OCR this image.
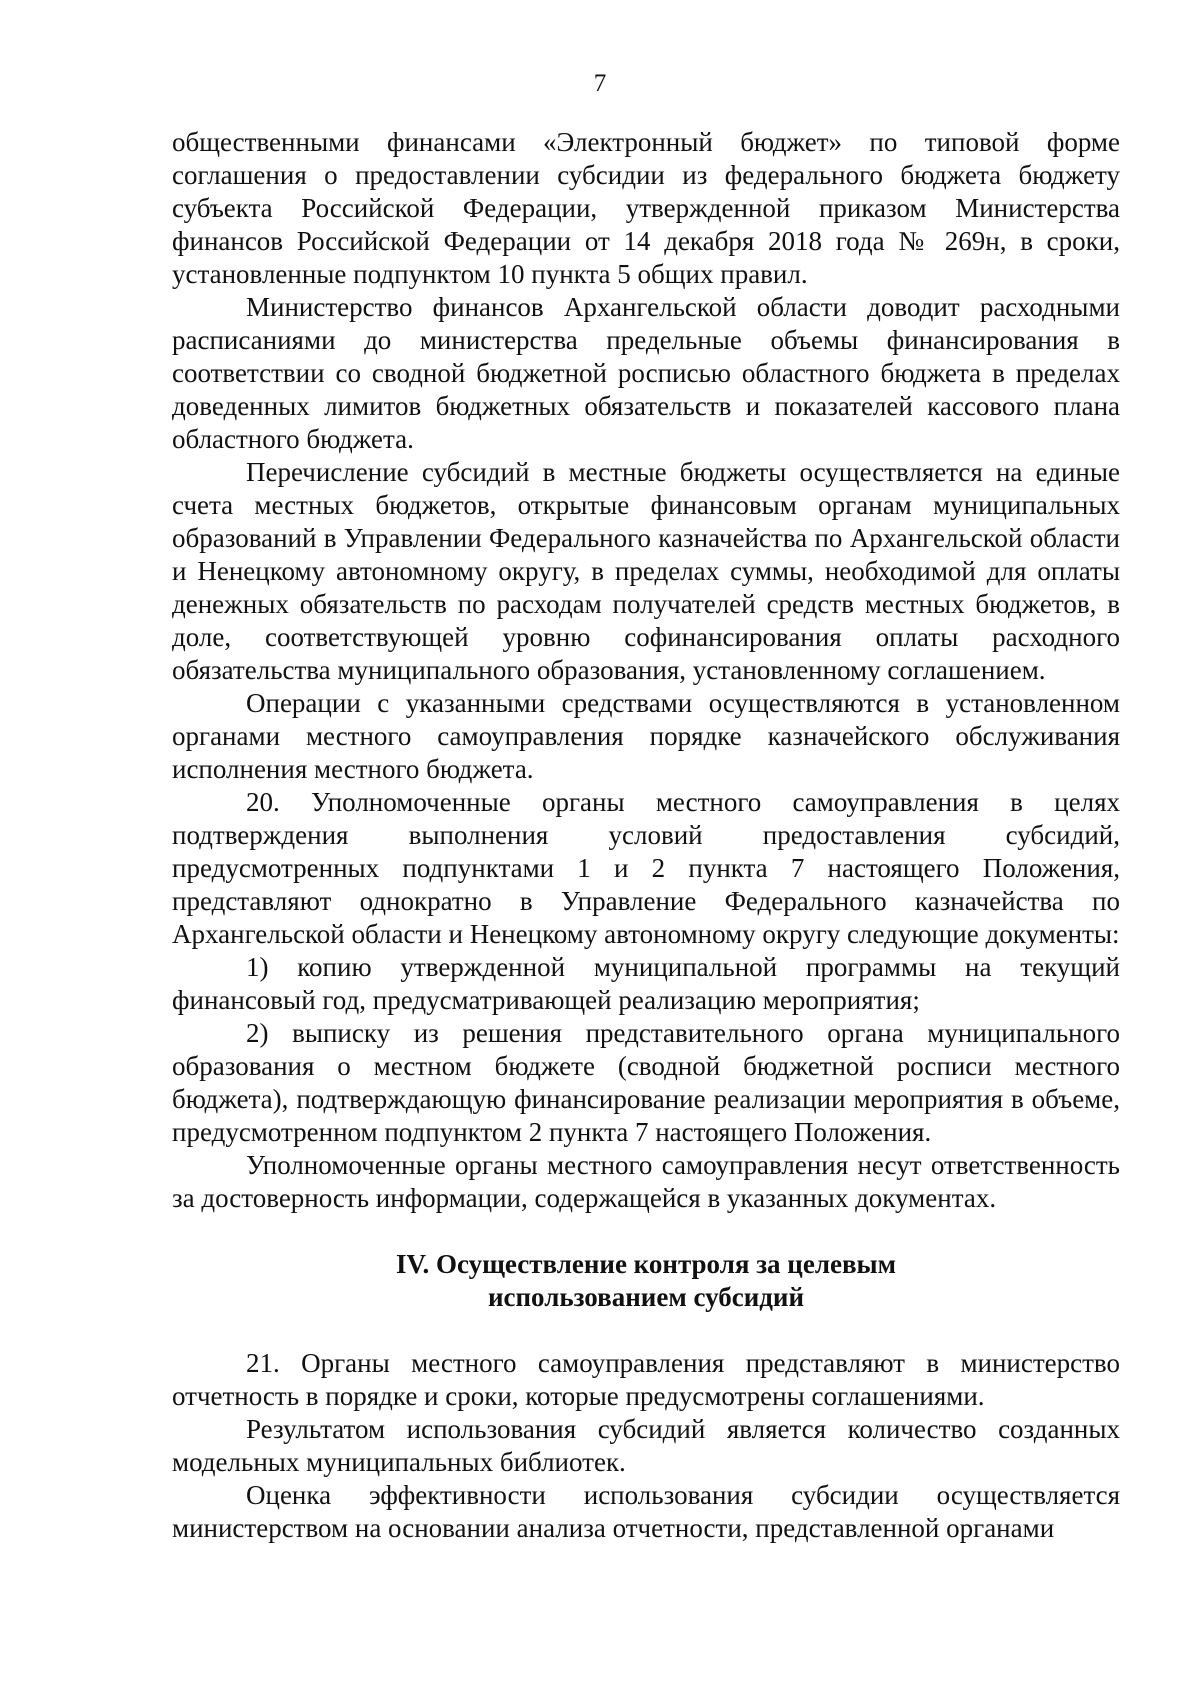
7

общественными финансами «Электронный бюджет» по типовой форме соглашения о предоставлении субсидии из федерального бюджета бюджету субъекта Российской Федерации, утвержденной приказом Министерства финансов Российской Федерации от 14 декабря 2018 года № 269н, в сроки, установленные подпунктом 10 пункта 5 общих правил.

Министерство финансов Архангельской области доводит расходными расписаниями до министерства предельные объемы финансирования в соответствии со сводной бюджетной росписью областного бюджета в пределах доведенных лимитов бюджетных обязательств и показателей кассового плана областного бюджета.

Перечисление субсидий в местные бюджеты осуществляется на единые счета местных бюджетов, открытые финансовым органам муниципальных образований в Управлении Федерального казначейства по Архангельской области и Ненецкому автономному округу, в пределах суммы, необходимой для оплаты денежных обязательств по расходам получателей средств местных бюджетов, в доле, соответствующей уровню софинансирования оплаты расходного обязательства муниципального образования, установленному соглашением.

Операции с указанными средствами осуществляются в установленном органами местного самоуправления порядке казначейского обслуживания исполнения местного бюджета.

20. Уполномоченные органы местного самоуправления в целях подтверждения выполнения условий предоставления субсидий, предусмотренных подпунктами 1 и 2 пункта 7 настоящего Положения, представляют однократно в Управление Федерального казначейства по Архангельской области и Ненецкому автономному округу следующие документы:

1) копию утвержденной муниципальной программы на текущий финансовый год, предусматривающей реализацию мероприятия;

2) выписку из решения представительного органа муниципального образования о местном бюджете (сводной бюджетной росписи местного бюджета), подтверждающую финансирование реализации мероприятия в объеме, предусмотренном подпунктом 2 пункта 7 настоящего Положения.

Уполномоченные органы местного самоуправления несут ответственность за достоверность информации, содержащейся в указанных документах.

IV. Осуществление контроля за целевым
использованием субсидий

21. Органы местного самоуправления представляют в министерство отчетность в порядке и сроки, которые предусмотрены соглашениями.

Результатом использования субсидий является количество созданных модельных муниципальных библиотек.

Оценка эффективности использования субсидии осуществляется министерством на основании анализа отчетности, представленной органами
